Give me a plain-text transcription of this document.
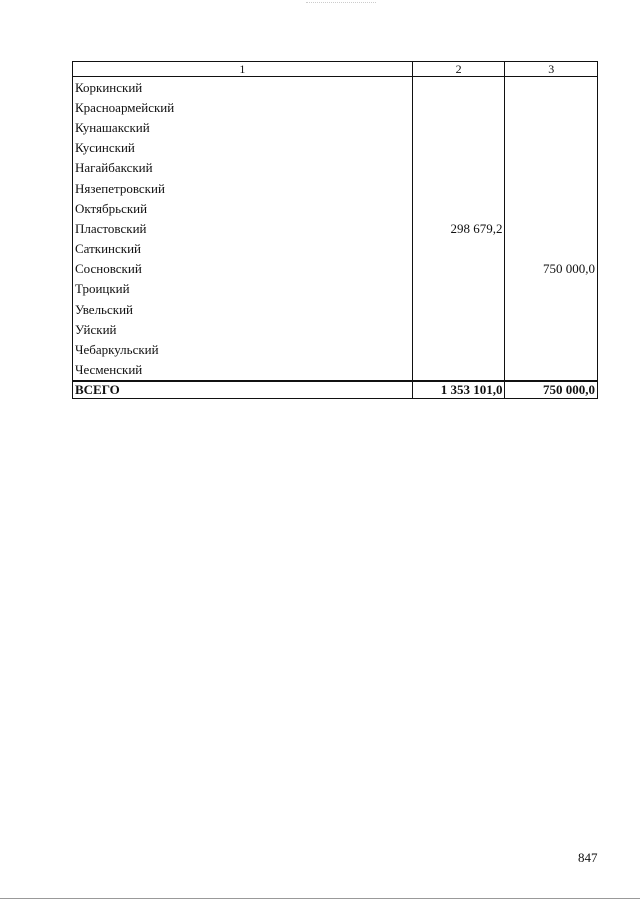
1	2	3
Коркинский		
Красноармейский		
Кунашакский		
Кусинский		
Нагайбакский		
Нязепетровский		
Октябрьский		
Пластовский	298 679,2	
Саткинский		
Сосновский		750 000,0
Троицкий		
Увельский		
Уйский		
Чебаркульский		
Чесменский		
ВСЕГО	1 353 101,0	750 000,0
847
